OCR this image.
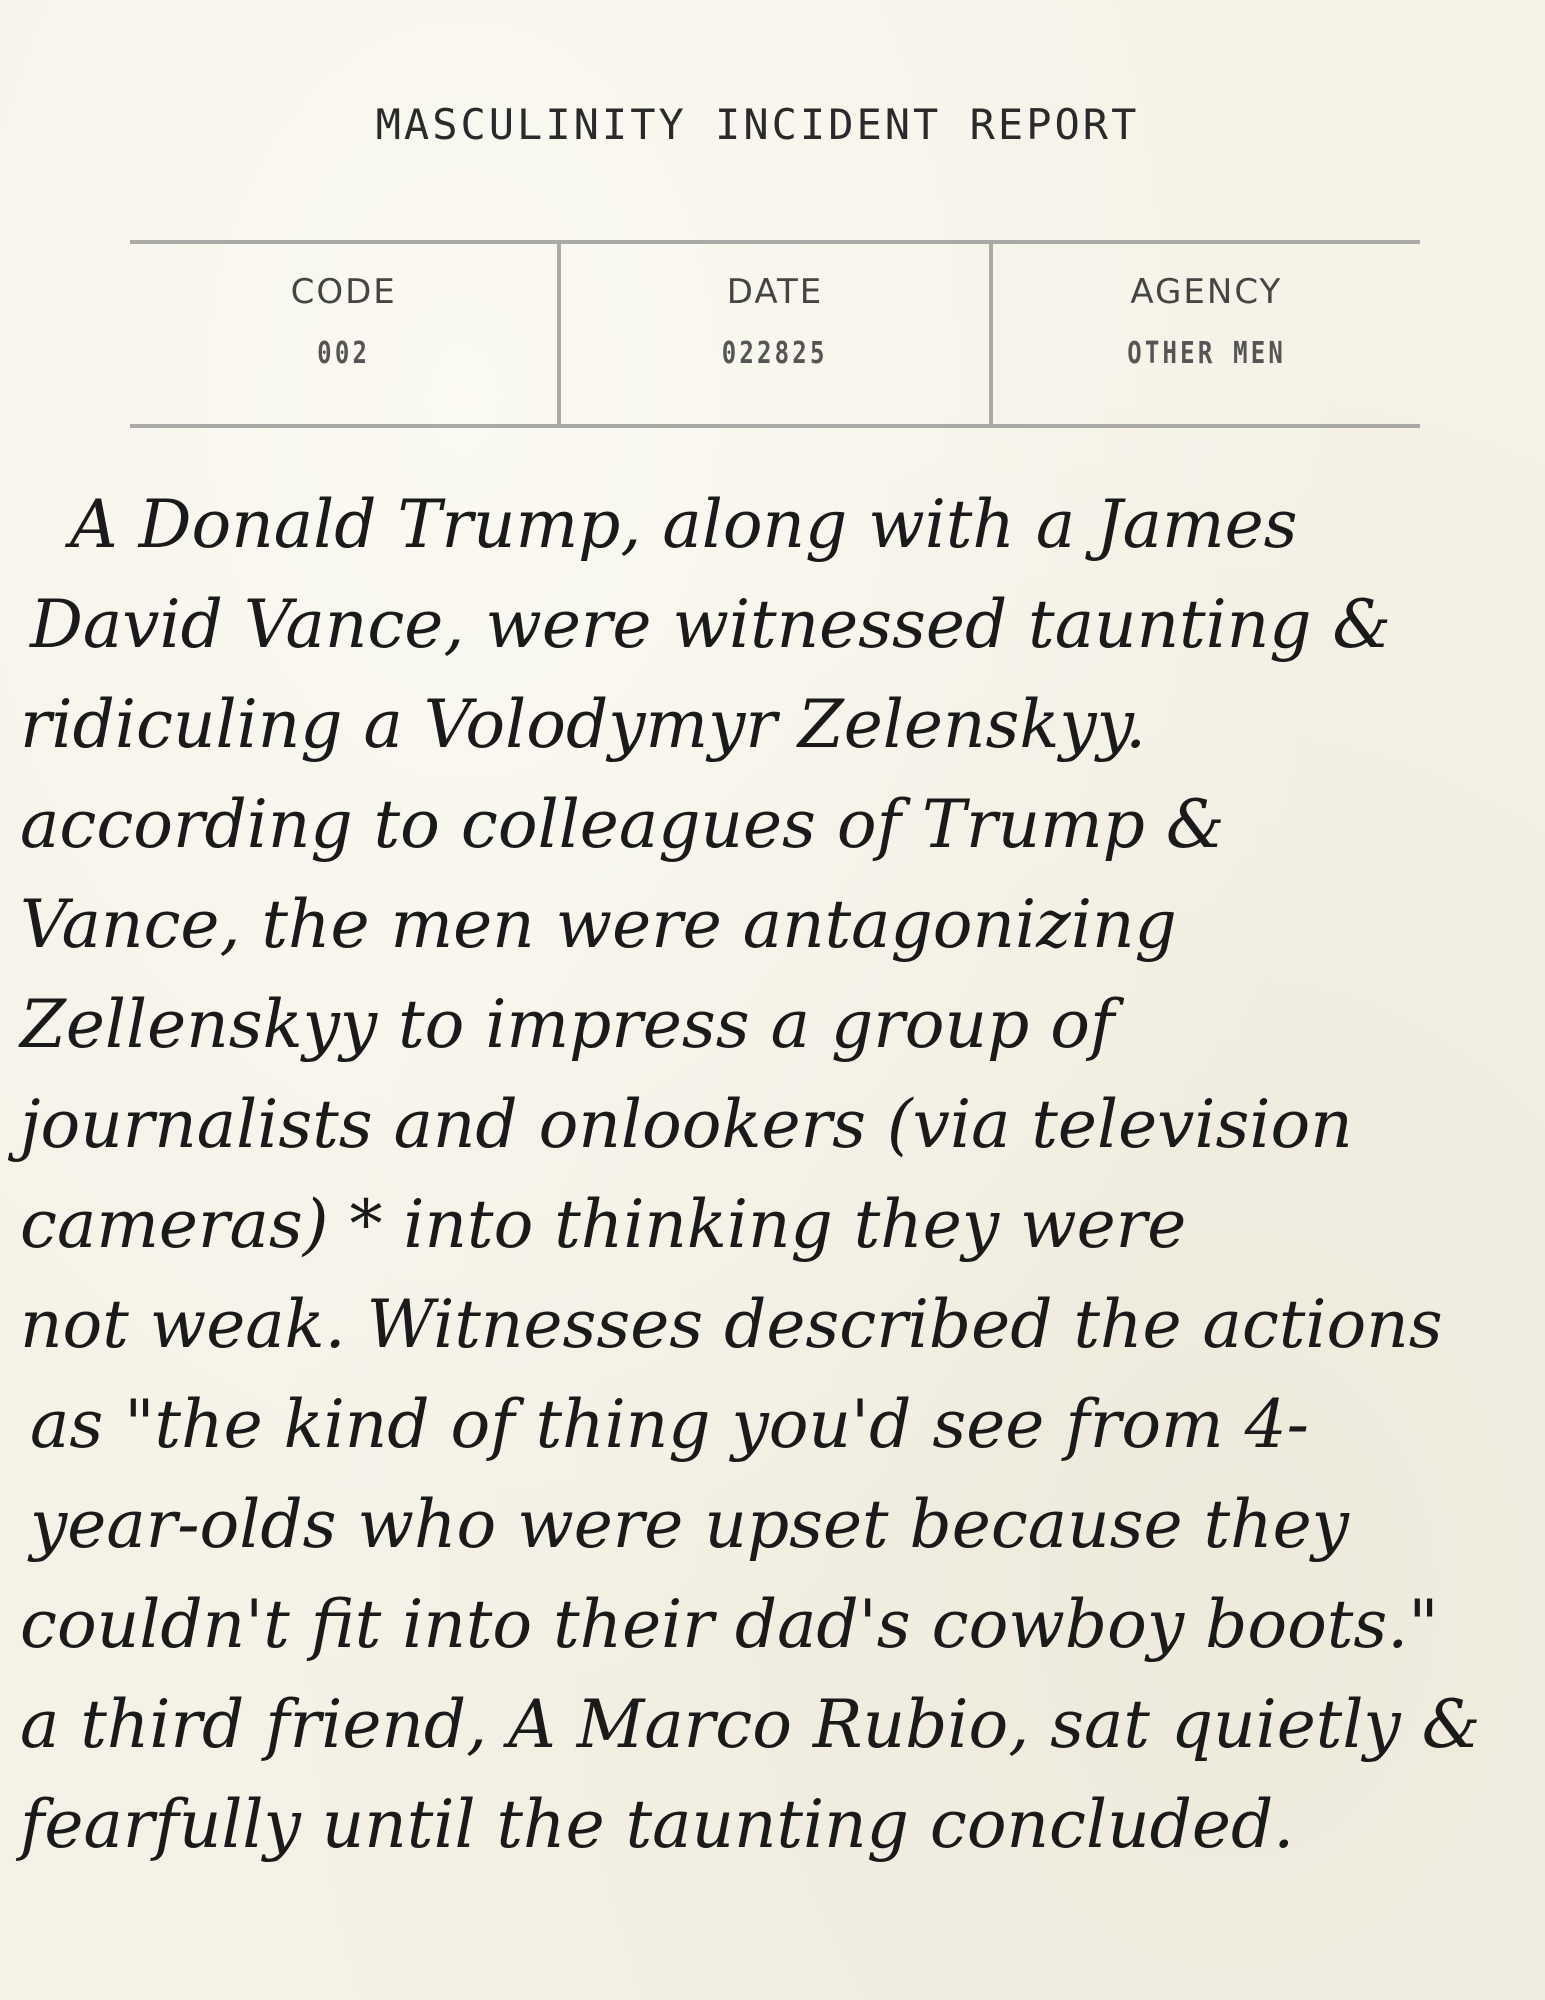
MASCULINITY INCIDENT REPORT
CODE
002
DATE
022825
AGENCY
OTHER MEN
A Donald Trump, along with a James
David Vance, were witnessed taunting &
ridiculing a Volodymyr Zelenskyy.
according to colleagues of Trump &
Vance, the men were antagonizing
Zellenskyy to impress a group of
journalists and onlookers (via television
cameras) * into thinking they were
not weak. Witnesses described the actions
as "the kind of thing you'd see from 4-
year-olds who were upset because they
couldn't fit into their dad's cowboy boots."
a third friend, A Marco Rubio, sat quietly &
fearfully until the taunting concluded.
